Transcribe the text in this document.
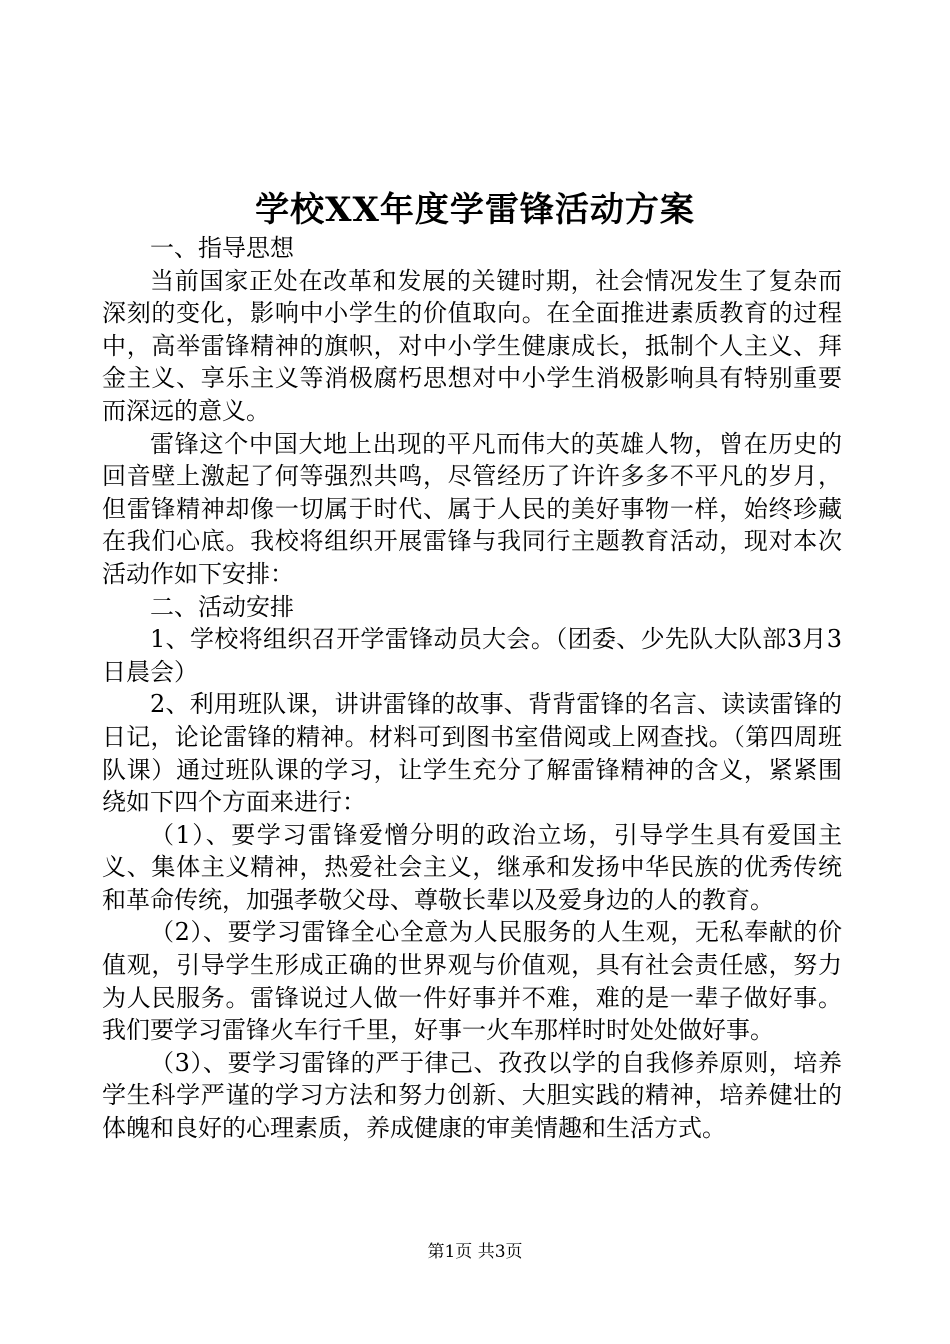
学校XX年度学雷锋活动方案

一、指导思想

当前国家正处在改革和发展的关键时期，社会情况发生了复杂而深刻的变化，影响中小学生的价值取向。在全面推进素质教育的过程中，高举雷锋精神的旗帜，对中小学生健康成长，抵制个人主义、拜金主义、享乐主义等消极腐朽思想对中小学生消极影响具有特别重要而深远的意义。

雷锋这个中国大地上出现的平凡而伟大的英雄人物，曾在历史的回音壁上激起了何等强烈共鸣，尽管经历了许许多多不平凡的岁月，但雷锋精神却像一切属于时代、属于人民的美好事物一样，始终珍藏在我们心底。我校将组织开展雷锋与我同行主题教育活动，现对本次活动作如下安排：

二、活动安排

1、学校将组织召开学雷锋动员大会。（团委、少先队大队部3月3日晨会）

2、利用班队课，讲讲雷锋的故事、背背雷锋的名言、读读雷锋的日记，论论雷锋的精神。材料可到图书室借阅或上网查找。（第四周班队课）通过班队课的学习，让学生充分了解雷锋精神的含义，紧紧围绕如下四个方面来进行：

（1）、要学习雷锋爱憎分明的政治立场，引导学生具有爱国主义、集体主义精神，热爱社会主义，继承和发扬中华民族的优秀传统和革命传统，加强孝敬父母、尊敬长辈以及爱身边的人的教育。

（2）、要学习雷锋全心全意为人民服务的人生观，无私奉献的价值观，引导学生形成正确的世界观与价值观，具有社会责任感，努力为人民服务。雷锋说过人做一件好事并不难，难的是一辈子做好事。我们要学习雷锋火车行千里，好事一火车那样时时处处做好事。

（3）、要学习雷锋的严于律己、孜孜以学的自我修养原则，培养学生科学严谨的学习方法和努力创新、大胆实践的精神，培养健壮的体魄和良好的心理素质，养成健康的审美情趣和生活方式。

第1页 共3页
